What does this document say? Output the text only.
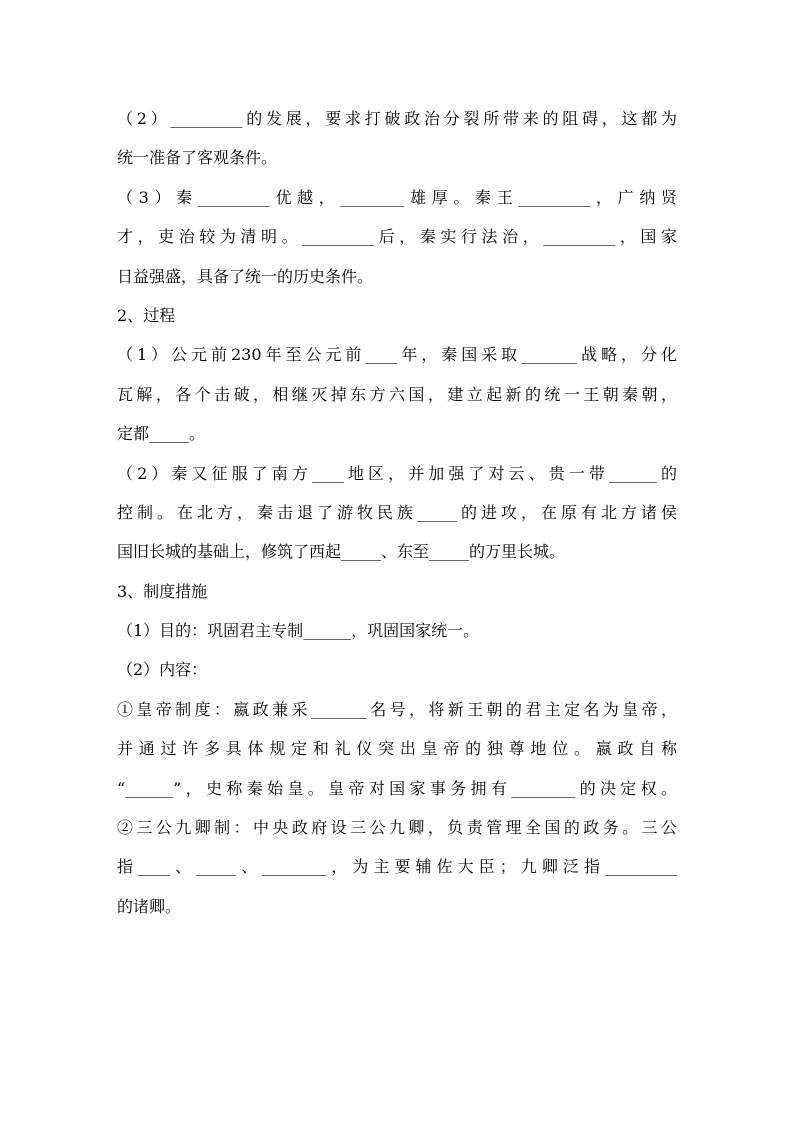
（2）_________的发展，要求打破政治分裂所带来的阻碍，这都为
统一准备了客观条件。
（3）秦_________优越，________雄厚。秦王_________，广纳贤
才，吏治较为清明。_________后，秦实行法治，_________，国家
日益强盛，具备了统一的历史条件。
2、过程
（1）公元前230年至公元前____年，秦国采取_______战略，分化
瓦解，各个击破，相继灭掉东方六国，建立起新的统一王朝秦朝，
定都_____。
（2）秦又征服了南方____地区，并加强了对云、贵一带______的
控制。在北方，秦击退了游牧民族_____的进攻，在原有北方诸侯
国旧长城的基础上，修筑了西起_____、东至_____的万里长城。
3、制度措施
（1）目的：巩固君主专制______，巩固国家统一。
（2）内容：
①皇帝制度：嬴政兼采_______名号，将新王朝的君主定名为皇帝，
并通过许多具体规定和礼仪突出皇帝的独尊地位。嬴政自称
“______”，史称秦始皇。皇帝对国家事务拥有________的决定权。
②三公九卿制：中央政府设三公九卿，负责管理全国的政务。三公
指____、_____、________，为主要辅佐大臣；九卿泛指_________
的诸卿。
